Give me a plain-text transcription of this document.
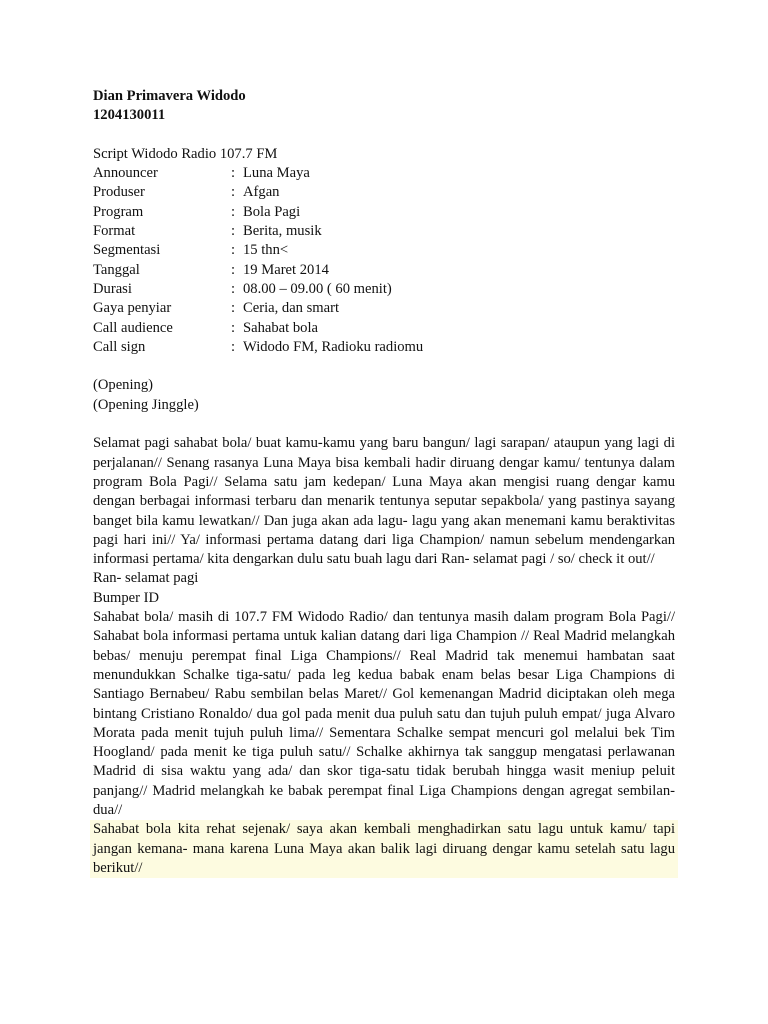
Dian Primavera Widodo
1204130011
Script Widodo Radio 107.7 FM
Announcer	: Luna Maya
Produser	: Afgan
Program	: Bola Pagi
Format	: Berita, musik
Segmentasi	: 15 thn<
Tanggal	: 19 Maret 2014
Durasi	: 08.00 – 09.00 ( 60 menit)
Gaya penyiar	: Ceria, dan smart
Call audience	: Sahabat bola
Call sign	: Widodo FM, Radioku radiomu
(Opening)
(Opening Jinggle)
Selamat pagi sahabat bola/ buat kamu-kamu yang baru bangun/ lagi sarapan/ ataupun yang lagi di perjalanan// Senang rasanya Luna Maya bisa kembali hadir diruang dengar kamu/ tentunya dalam program Bola Pagi// Selama satu jam kedepan/ Luna Maya akan mengisi ruang dengar kamu dengan berbagai informasi terbaru dan menarik tentunya seputar sepakbola/ yang pastinya sayang banget bila kamu lewatkan// Dan juga akan ada lagu- lagu yang akan menemani kamu beraktivitas pagi hari ini// Ya/ informasi pertama datang dari liga Champion/ namun sebelum mendengarkan informasi pertama/ kita dengarkan dulu satu buah lagu dari Ran- selamat pagi / so/ check it out//
Ran- selamat pagi
Bumper ID
Sahabat bola/ masih di 107.7 FM Widodo Radio/ dan tentunya masih dalam program Bola Pagi// Sahabat bola informasi pertama untuk kalian datang dari liga Champion // Real Madrid melangkah bebas/ menuju perempat final Liga Champions// Real Madrid tak menemui hambatan saat menundukkan Schalke tiga-satu/ pada leg kedua babak enam belas besar Liga Champions di Santiago Bernabeu/ Rabu sembilan belas Maret// Gol kemenangan Madrid diciptakan oleh mega bintang Cristiano Ronaldo/ dua gol pada menit dua puluh satu dan tujuh puluh empat/ juga Alvaro Morata pada menit tujuh puluh lima// Sementara Schalke sempat mencuri gol melalui bek Tim Hoogland/ pada menit ke tiga puluh satu// Schalke akhirnya tak sanggup mengatasi perlawanan Madrid di sisa waktu yang ada/ dan skor tiga-satu tidak berubah hingga wasit meniup peluit panjang// Madrid melangkah ke babak perempat final Liga Champions dengan agregat sembilan-dua//
Sahabat bola kita rehat sejenak/ saya akan kembali menghadirkan satu lagu untuk kamu/ tapi jangan kemana- mana karena Luna Maya akan balik lagi diruang dengar kamu setelah satu lagu berikut//
